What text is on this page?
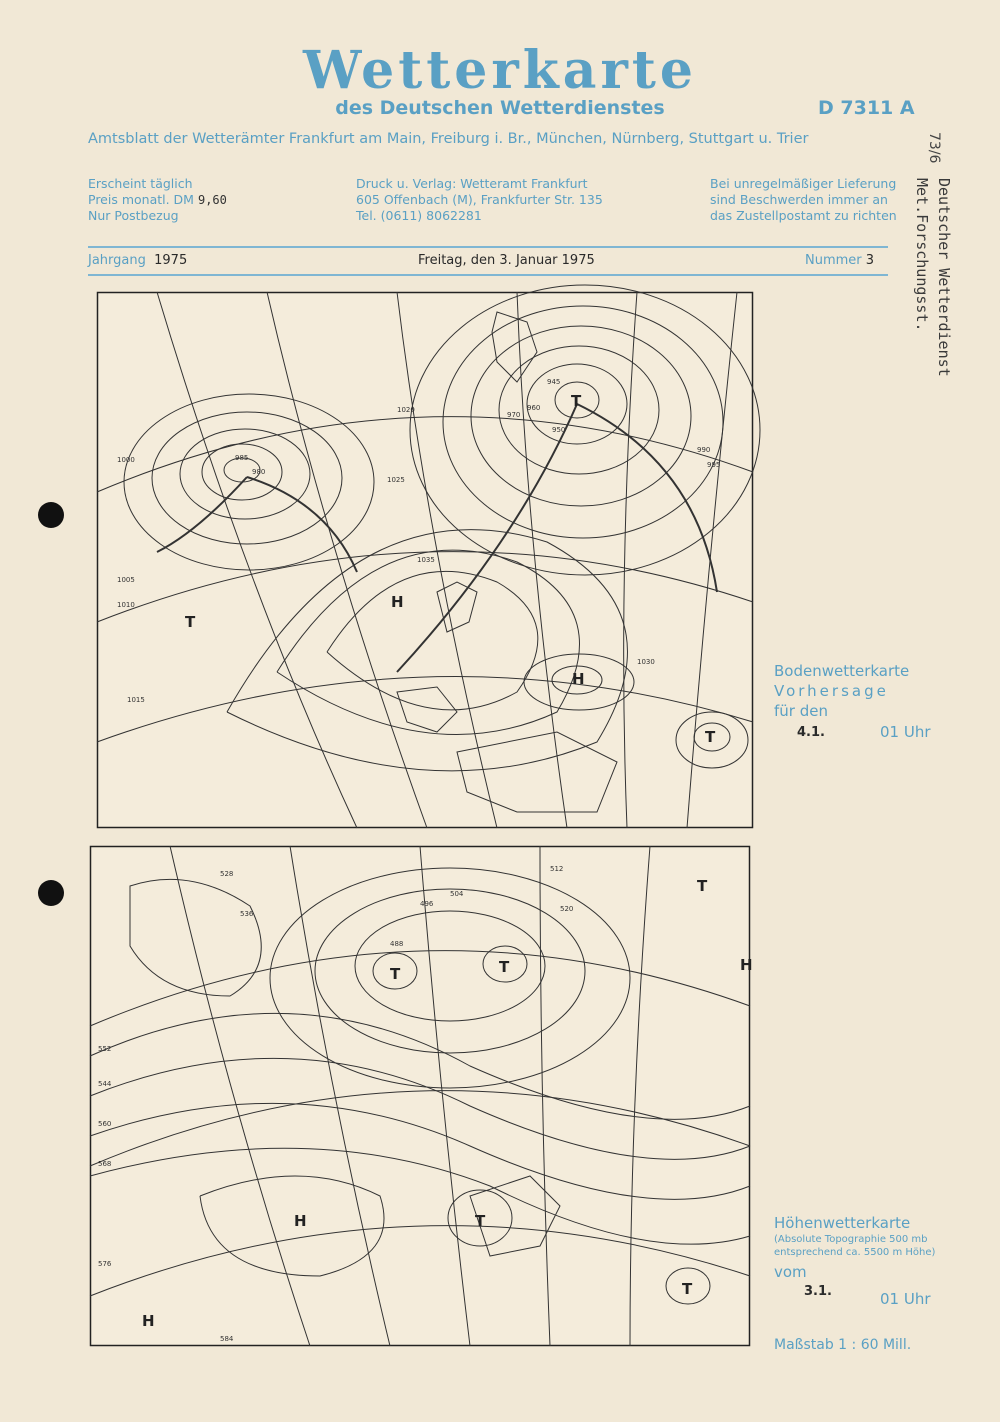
Wetterkarte
des Deutschen Wetterdienstes	D 7311 A
Amtsblatt der Wetterämter Frankfurt am Main, Freiburg i. Br., München, Nürnberg, Stuttgart u. Trier
Erscheint täglich
Preis monatl. DM 9,60
Nur Postbezug
Druck u. Verlag: Wetteramt Frankfurt
605 Offenbach (M), Frankfurter Str. 135
Tel. (0611) 8062281
Bei unregelmäßiger Lieferung
sind Beschwerden immer an
das Zustellpostamt zu richten
Jahrgang 1975	Freitag, den 3. Januar 1975	Nummer 3
73/6
Deutscher Wetterdienst
Met.Forschungsst.
1000
1005
1010
1015
1020
1025
1030
1035
985
980
990
995
945
950
960
970
T
H
H
T
T
Bodenwetterkarte
Vorhersage
für den
4.1.	01 Uhr
552
528
536
544
560
568
576
584
488
496
504
512
520
T	T
T
T
T
H
H
H
Höhenwetterkarte
(Absolute Topographie 500 mb
entsprechend ca. 5500 m Höhe)
vom
3.1.	01 Uhr
Maßstab 1 : 60 Mill.
